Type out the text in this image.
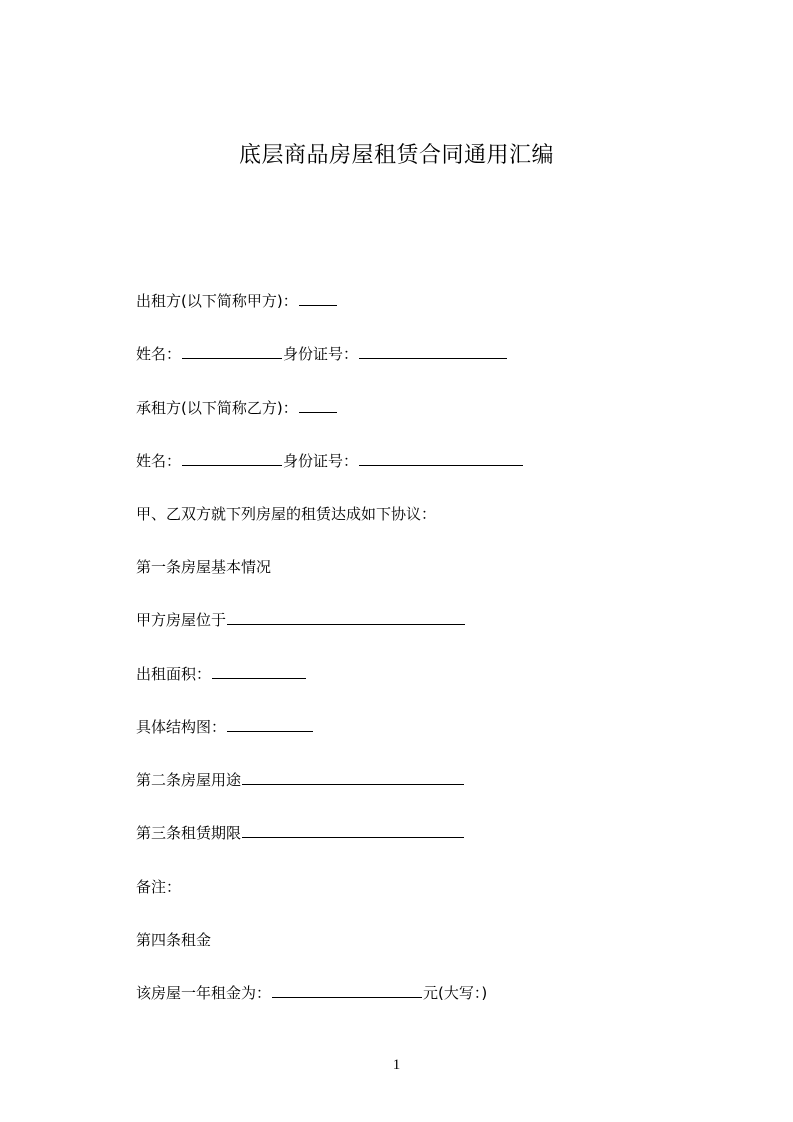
底层商品房屋租赁合同通用汇编
出租方(以下简称甲方)：
姓名：	身份证号：
承租方(以下简称乙方)：
姓名：	身份证号：
甲、乙双方就下列房屋的租赁达成如下协议：
第一条房屋基本情况
甲方房屋位于
出租面积：
具体结构图：
第二条房屋用途
第三条租赁期限
备注：
第四条租金
该房屋一年租金为：	元(大写：)
1
